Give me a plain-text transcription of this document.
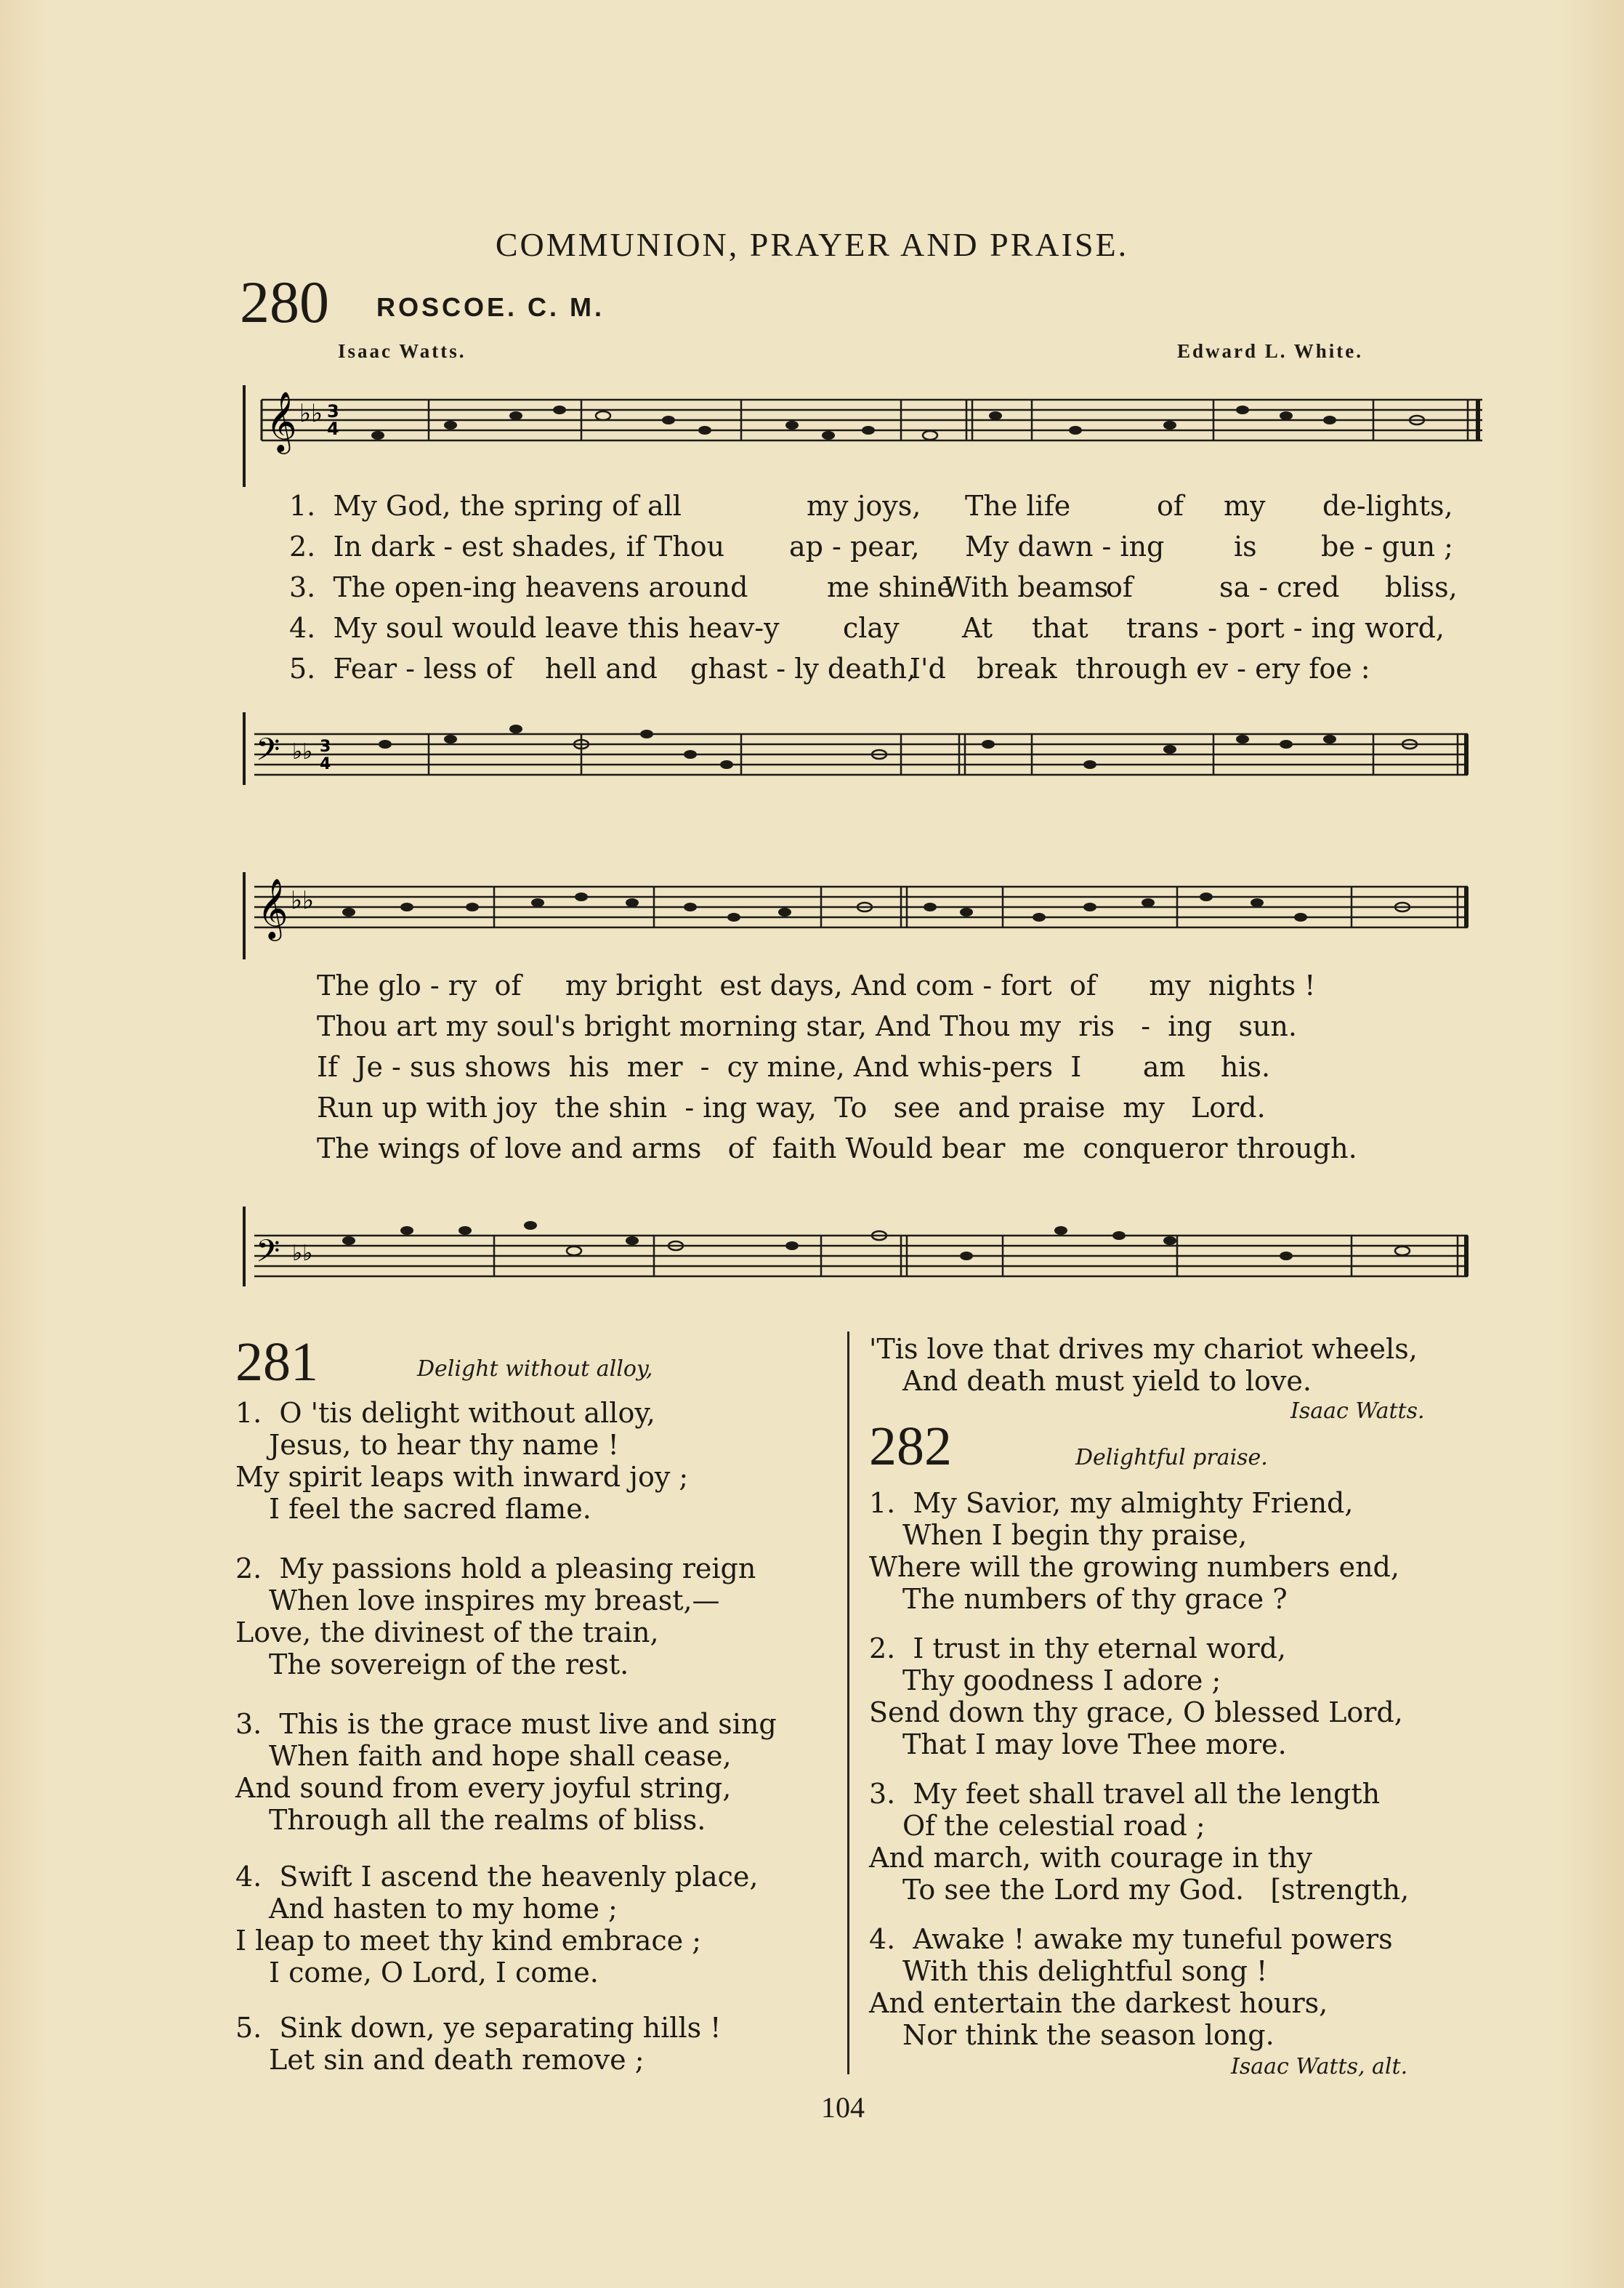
COMMUNION, PRAYER AND PRAISE.
280 ROSCOE. C. M.
Isaac Watts.	Edward L. White.
𝄞 ♭♭ 3
4
1. My God, the spring of all	my joys, The life	of my de-lights,
2. In dark - est shades, if Thou ap - pear, My dawn - ing	is be - gun ;
3. The open-ing heavens around	me shine
With beams
of	sa - cred bliss,
4. My soul would leave this heav-y clay At that trans - port - ing word,
5. Fear - less of hell and ghast - ly death,
I'd break through ev - ery foe :
𝄢 ♭♭ 3
4
𝄞 ♭♭
The glo - ry  of     my bright  est days, And com - fort  of      my  nights !
Thou art my soul's bright morning star, And Thou my  ris   -  ing   sun.
If  Je - sus shows  his  mer  -  cy mine, And whis-pers  I       am    his.
Run up with joy  the shin  - ing way,  To   see  and praise  my   Lord.
The wings of love and arms   of  faith Would bear  me  conqueror through.
𝄢 ♭♭
281	Delight without alloy,
1.  O 'tis delight without alloy,
Jesus, to hear thy name !
My spirit leaps with inward joy ;
I feel the sacred flame.
2.  My passions hold a pleasing reign
When love inspires my breast,—
Love, the divinest of the train,
The sovereign of the rest.
3.  This is the grace must live and sing
When faith and hope shall cease,
And sound from every joyful string,
Through all the realms of bliss.
4.  Swift I ascend the heavenly place,
And hasten to my home ;
I leap to meet thy kind embrace ;
I come, O Lord, I come.
5.  Sink down, ye separating hills !
Let sin and death remove ;
'Tis love that drives my chariot wheels,
And death must yield to love.
Isaac Watts.
282	Delightful praise.
1.  My Savior, my almighty Friend,
When I begin thy praise,
Where will the growing numbers end,
The numbers of thy grace ?
2.  I trust in thy eternal word,
Thy goodness I adore ;
Send down thy grace, O blessed Lord,
That I may love Thee more.
3.  My feet shall travel all the length
Of the celestial road ;
And march, with courage in thy
To see the Lord my God.   [strength,
4.  Awake ! awake my tuneful powers
With this delightful song !
And entertain the darkest hours,
Nor think the season long.
Isaac Watts, alt.
104
